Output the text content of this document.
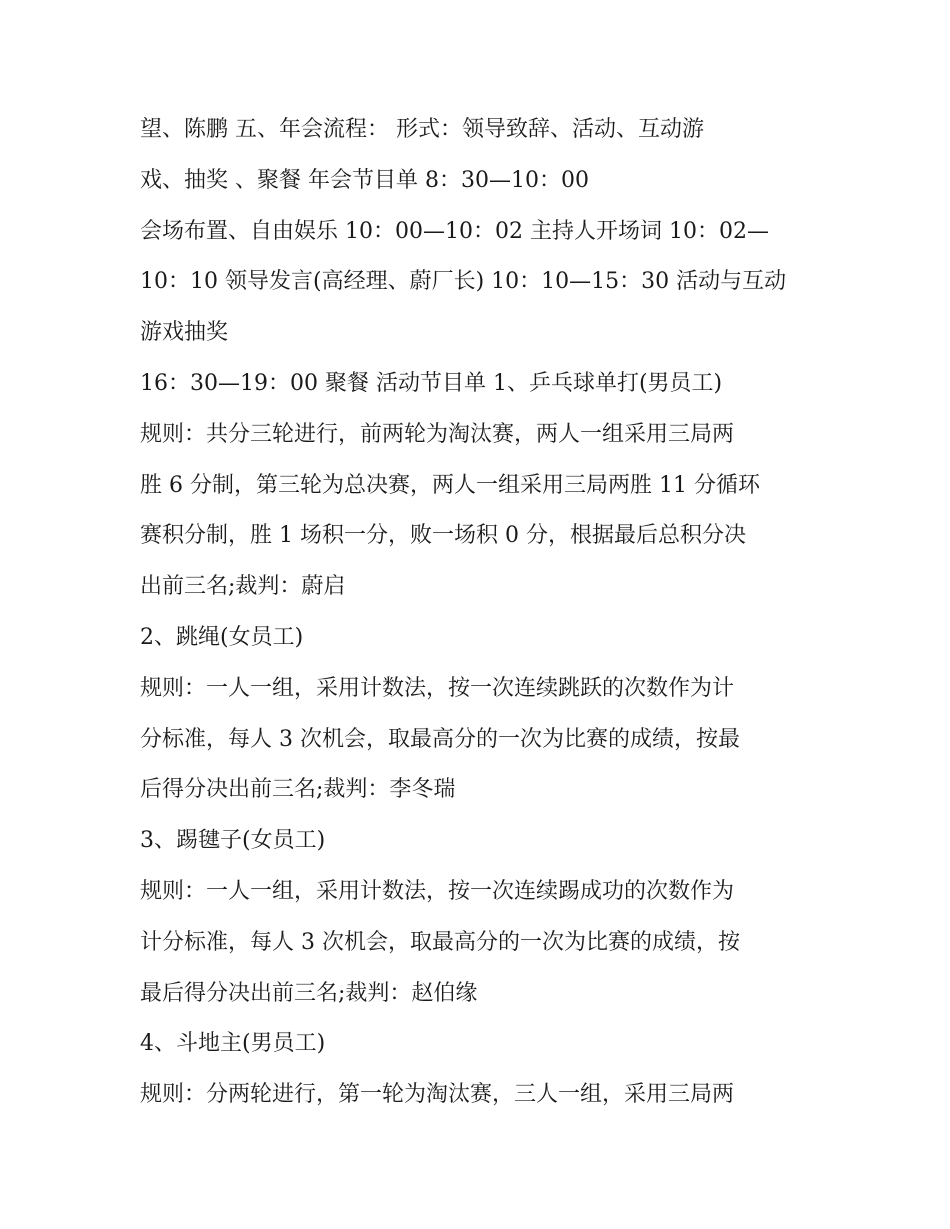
望、陈鹏 五、年会流程： 形式：领导致辞、活动、互动游
戏、抽奖 、聚餐 年会节目单 8：30—10：00
会场布置、自由娱乐 10：00—10：02 主持人开场词 10：02—
10：10 领导发言(高经理、蔚厂长) 10：10—15：30 活动与互动
游戏抽奖
16：30—19：00 聚餐 活动节目单 1、乒乓球单打(男员工)
规则：共分三轮进行，前两轮为淘汰赛，两人一组采用三局两
胜 6 分制，第三轮为总决赛，两人一组采用三局两胜 11 分循环
赛积分制，胜 1 场积一分，败一场积 0 分，根据最后总积分决
出前三名;裁判：蔚启
2、跳绳(女员工)
规则：一人一组，采用计数法，按一次连续跳跃的次数作为计
分标准，每人 3 次机会，取最高分的一次为比赛的成绩，按最
后得分决出前三名;裁判：李冬瑞
3、踢毽子(女员工)
规则：一人一组，采用计数法，按一次连续踢成功的次数作为
计分标准，每人 3 次机会，取最高分的一次为比赛的成绩，按
最后得分决出前三名;裁判：赵伯缘
4、斗地主(男员工)
规则：分两轮进行，第一轮为淘汰赛，三人一组，采用三局两
